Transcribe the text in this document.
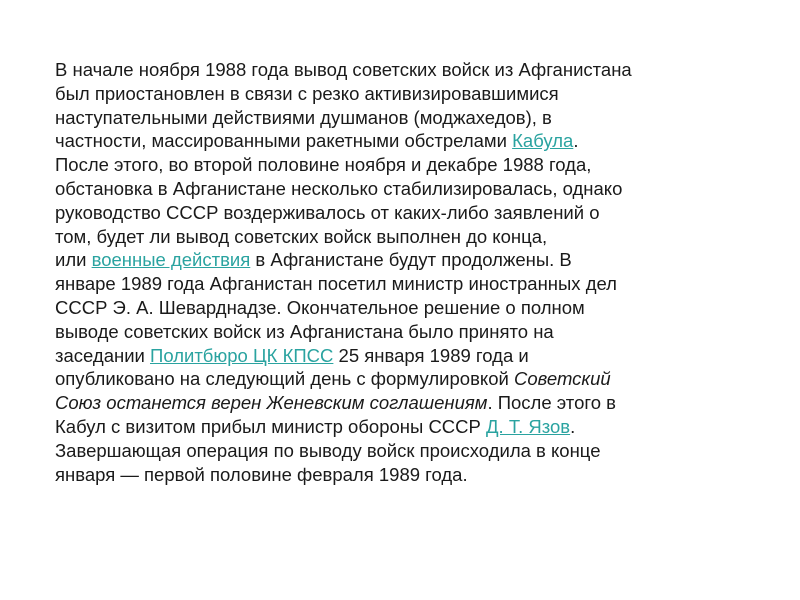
В начале ноября 1988 года вывод советских войск из Афганистана
был приостановлен в связи с резко активизировавшимися
наступательными действиями душманов (моджахедов), в
частности, массированными ракетными обстрелами Кабула.
После этого, во второй половине ноября и декабре 1988 года,
обстановка в Афганистане несколько стабилизировалась, однако
руководство СССР воздерживалось от каких-либо заявлений о
том, будет ли вывод советских войск выполнен до конца,
или военные действия в Афганистане будут продолжены. В
январе 1989 года Афганистан посетил министр иностранных дел
СССР Э. А. Шеварднадзе. Окончательное решение о полном
выводе советских войск из Афганистана было принято на
заседании Политбюро ЦК КПСС 25 января 1989 года и
опубликовано на следующий день с формулировкой Советский
Союз останется верен Женевским соглашениям. После этого в
Кабул с визитом прибыл министр обороны СССР Д. Т. Язов.
Завершающая операция по выводу войск происходила в конце
января — первой половине февраля 1989 года.
